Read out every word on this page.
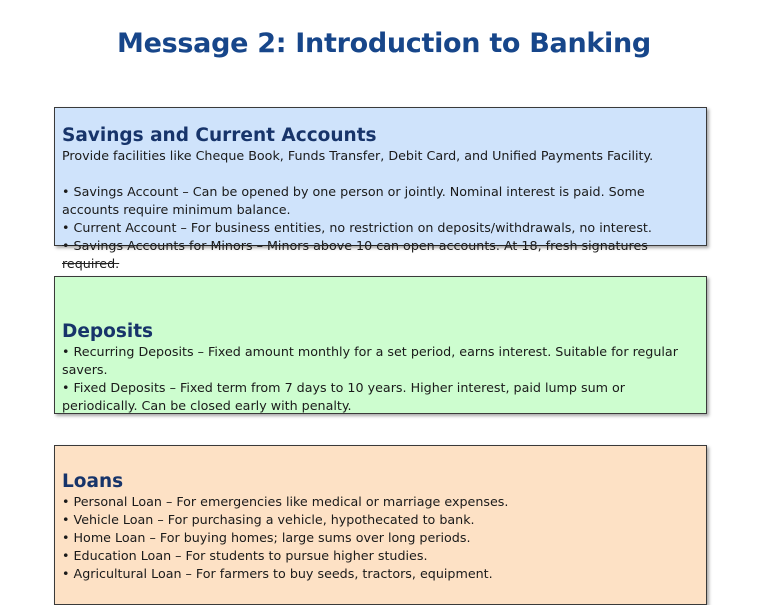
Message 2: Introduction to Banking
Savings and Current Accounts

Provide facilities like Cheque Book, Funds Transfer, Debit Card, and Unified Payments Facility.

• Savings Account – Can be opened by one person or jointly. Nominal interest is paid. Some accounts require minimum balance.

• Current Account – For business entities, no restriction on deposits/withdrawals, no interest.

• Savings Accounts for Minors – Minors above 10 can open accounts. At 18, fresh signatures required.

Deposits

• Recurring Deposits – Fixed amount monthly for a set period, earns interest. Suitable for regular savers.

• Fixed Deposits – Fixed term from 7 days to 10 years. Higher interest, paid lump sum or periodically. Can be closed early with penalty.

Loans

• Personal Loan – For emergencies like medical or marriage expenses.

• Vehicle Loan – For purchasing a vehicle, hypothecated to bank.

• Home Loan – For buying homes; large sums over long periods.

• Education Loan – For students to pursue higher studies.

• Agricultural Loan – For farmers to buy seeds, tractors, equipment.
